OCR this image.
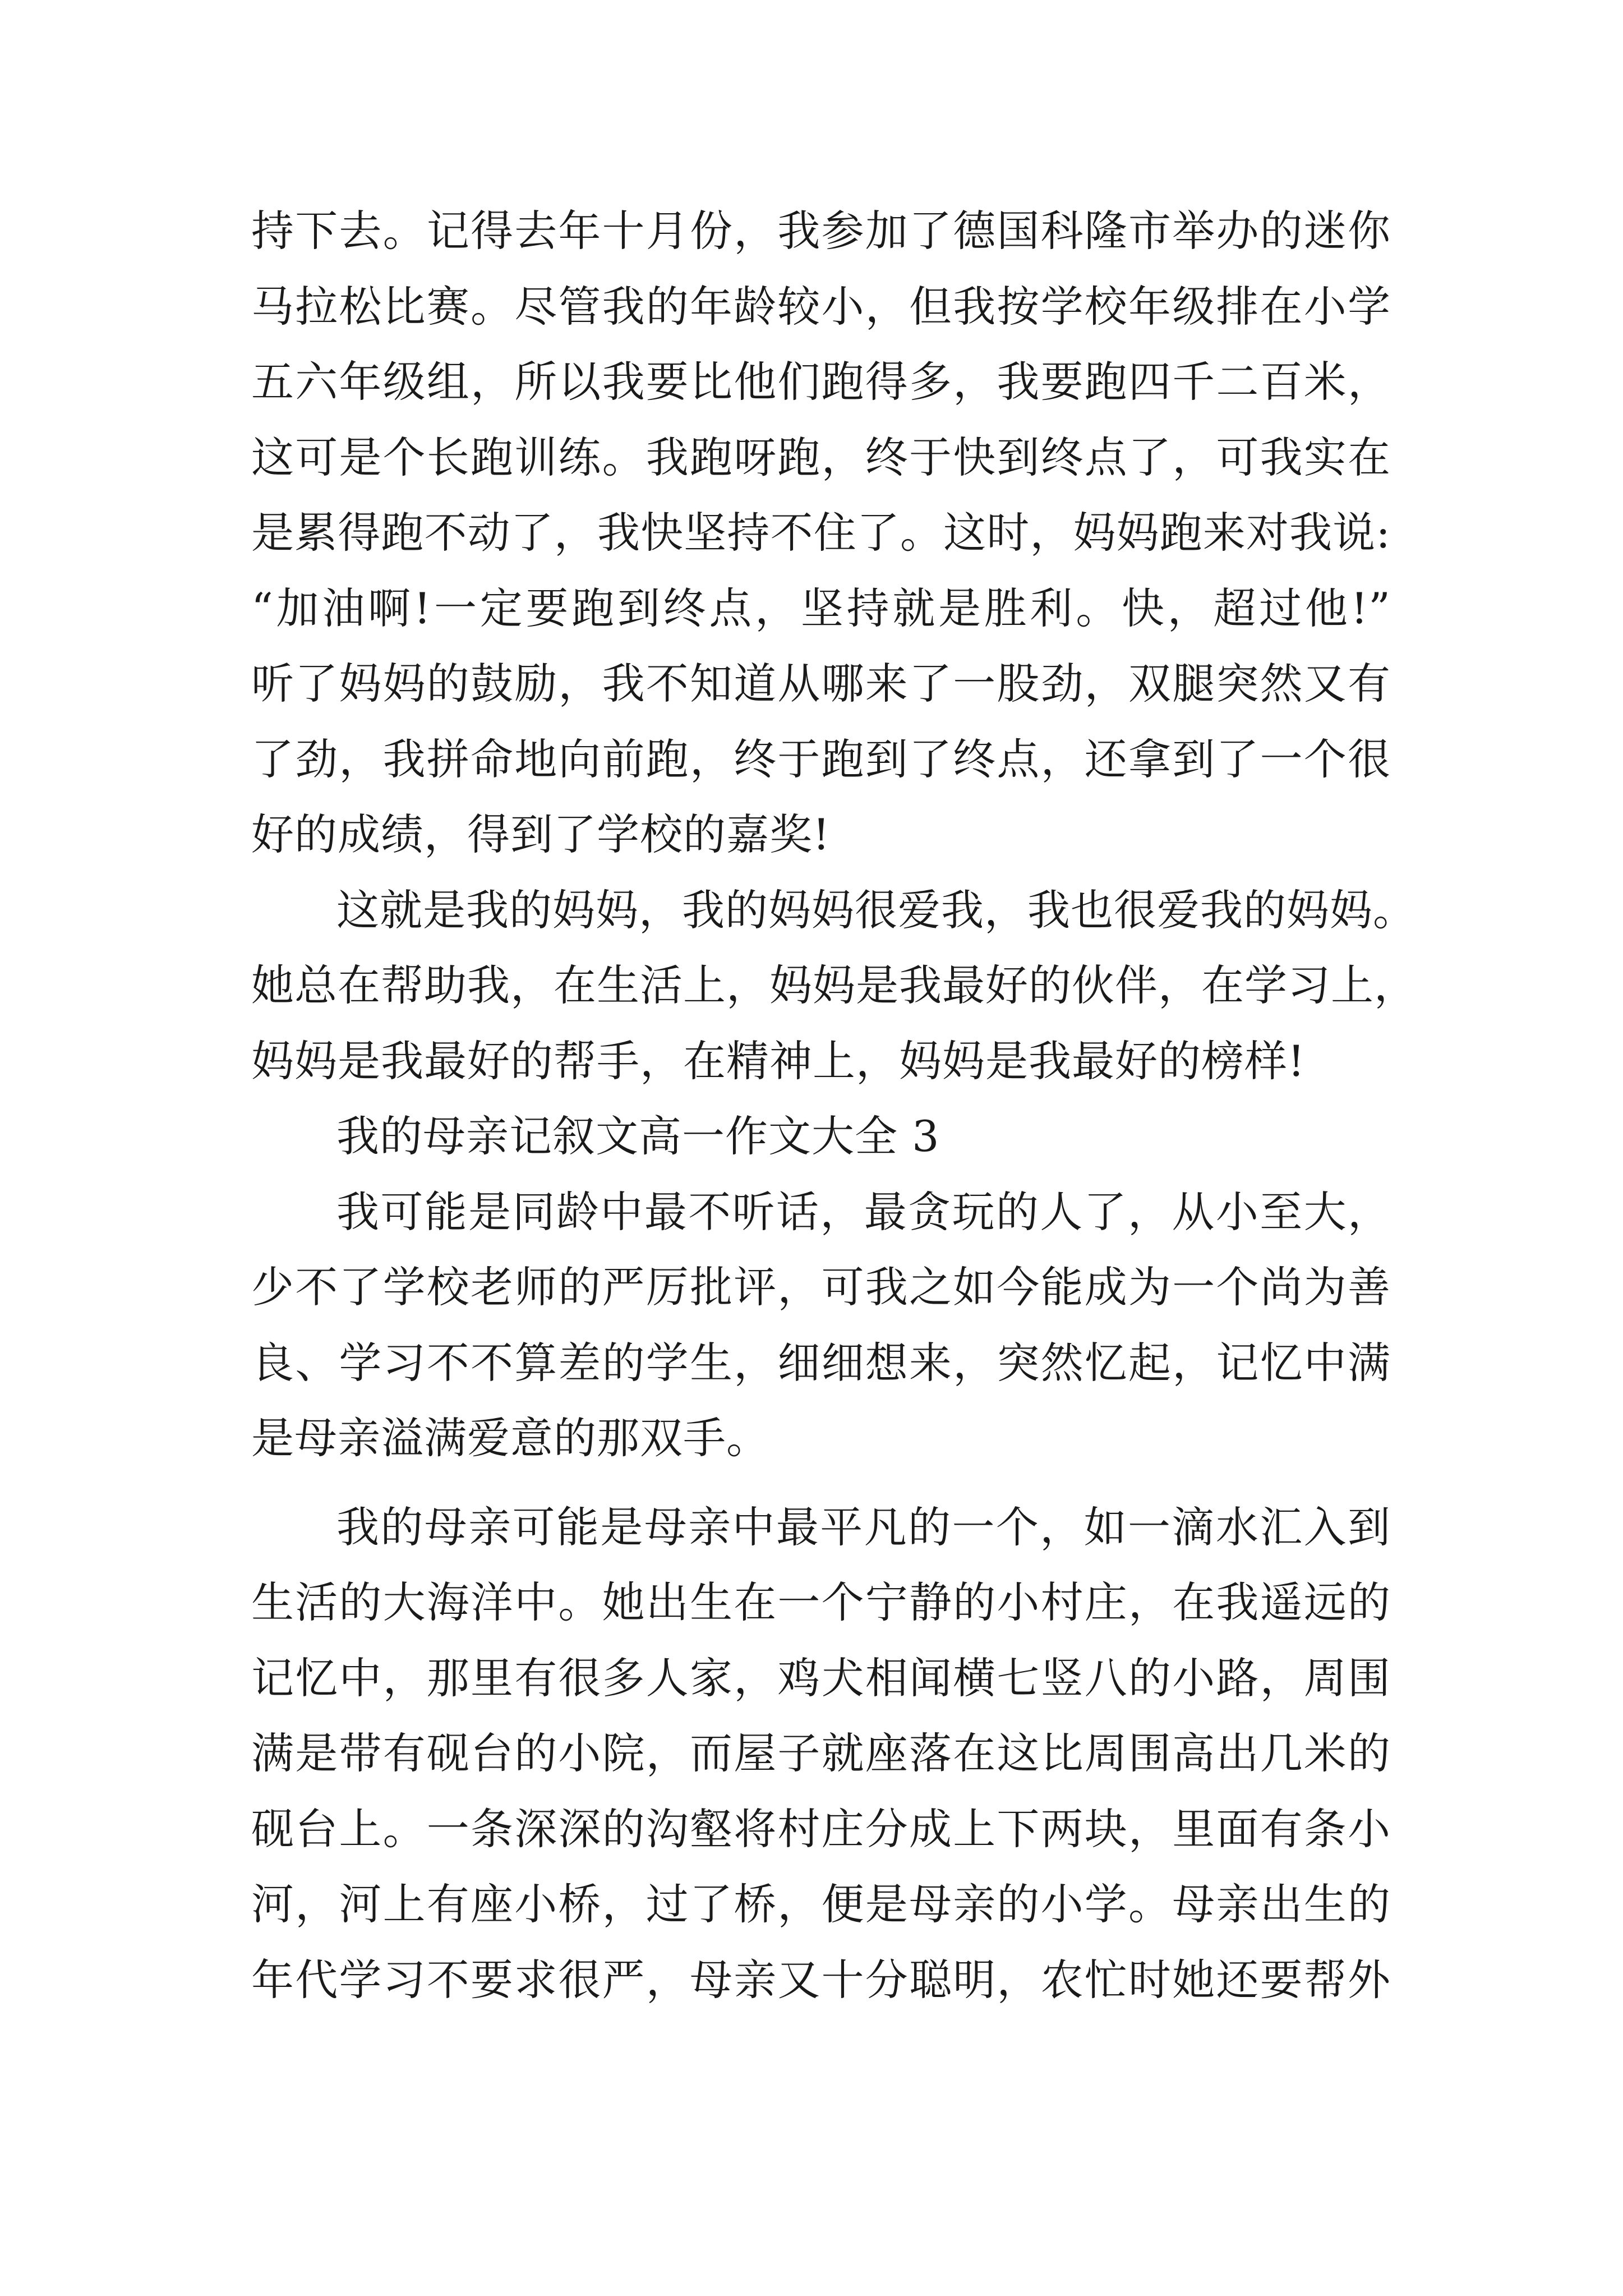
持下去。记得去年十月份，我参加了德国科隆市举办的迷你
马拉松比赛。尽管我的年龄较小，但我按学校年级排在小学
五六年级组，所以我要比他们跑得多，我要跑四千二百米，
这可是个长跑训练。我跑呀跑，终于快到终点了，可我实在
是累得跑不动了，我快坚持不住了。这时，妈妈跑来对我说:
“加油啊!一定要跑到终点，坚持就是胜利。快，超过他!”
听了妈妈的鼓励，我不知道从哪来了一股劲，双腿突然又有
了劲，我拼命地向前跑，终于跑到了终点，还拿到了一个很
好的成绩，得到了学校的嘉奖!
这就是我的妈妈，我的妈妈很爱我，我也很爱我的妈妈。
她总在帮助我，在生活上，妈妈是我最好的伙伴，在学习上，
妈妈是我最好的帮手，在精神上，妈妈是我最好的榜样!
我的母亲记叙文高一作文大全 3
我可能是同龄中最不听话，最贪玩的人了，从小至大，
少不了学校老师的严厉批评，可我之如今能成为一个尚为善
良、学习不不算差的学生，细细想来，突然忆起，记忆中满
是母亲溢满爱意的那双手。
我的母亲可能是母亲中最平凡的一个，如一滴水汇入到
生活的大海洋中。她出生在一个宁静的小村庄，在我遥远的
记忆中，那里有很多人家，鸡犬相闻横七竖八的小路，周围
满是带有砚台的小院，而屋子就座落在这比周围高出几米的
砚台上。一条深深的沟壑将村庄分成上下两块，里面有条小
河，河上有座小桥，过了桥，便是母亲的小学。母亲出生的
年代学习不要求很严，母亲又十分聪明，农忙时她还要帮外
